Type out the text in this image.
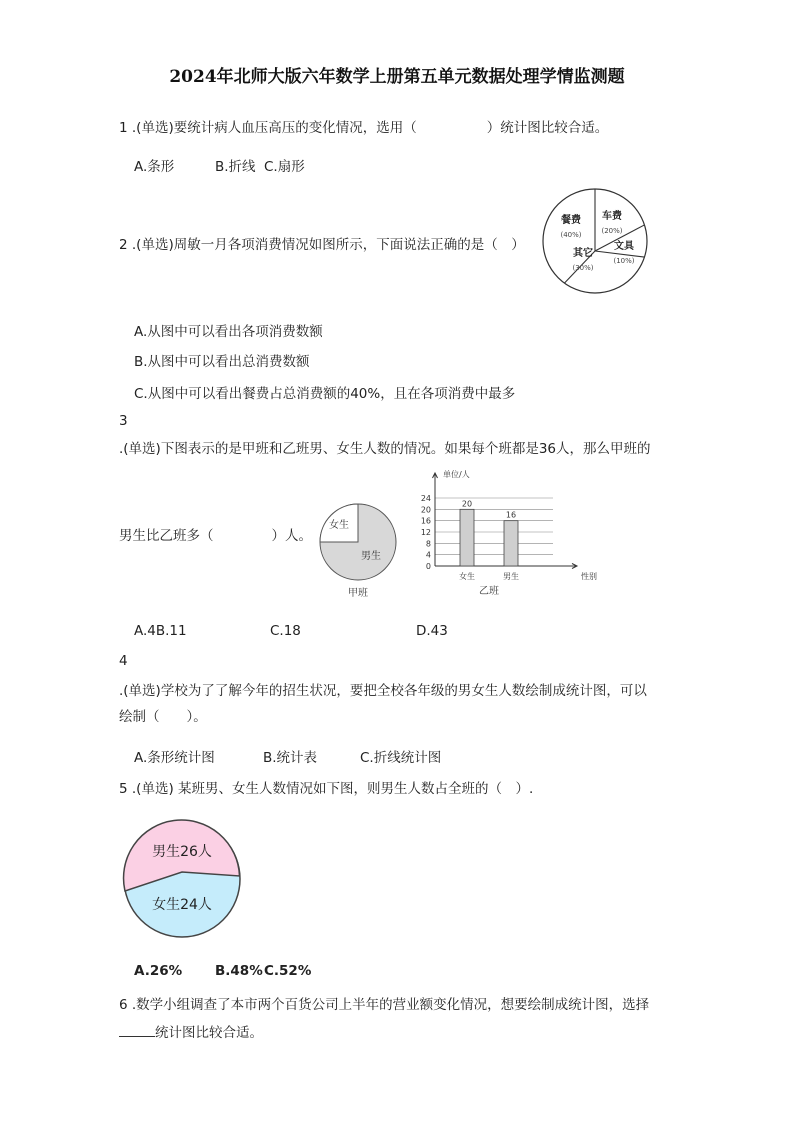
2024年北师大版六年数学上册第五单元数据处理学情监测题
1 .(单选)要统计病人血压高压的变化情况，选用（	）统计图比较合适。
A.条形	B.折线 C.扇形
2 .(单选)周敏一月各项消费情况如图所示，下面说法正确的是（　）
餐费
(40%)
车费
(20%)
文具
(10%)
其它
(30%)
A.从图中可以看出各项消费数额
B.从图中可以看出总消费数额
C.从图中可以看出餐费占总消费额的40%，且在各项消费中最多
3
.(单选)下图表示的是甲班和乙班男、女生人数的情况。如果每个班都是36人，那么甲班的
男生比乙班多（	）人。
女生
男生
甲班
0
4
8
12
16
20
24
单位/人
性别
20
女生
16
男生
乙班
A.4B.11	C.18	D.43
4
.(单选)学校为了了解今年的招生状况，要把全校各年级的男女生人数绘制成统计图，可以
绘制（　　）。
A.条形统计图	B.统计表	C.折线统计图
5 .(单选) 某班男、女生人数情况如下图，则男生人数占全班的（　）.
男生26人
女生24人
A.26% B.48% C.52%
6 .数学小组调查了本市两个百货公司上半年的营业额变化情况，想要绘制成统计图，选择
统计图比较合适。
